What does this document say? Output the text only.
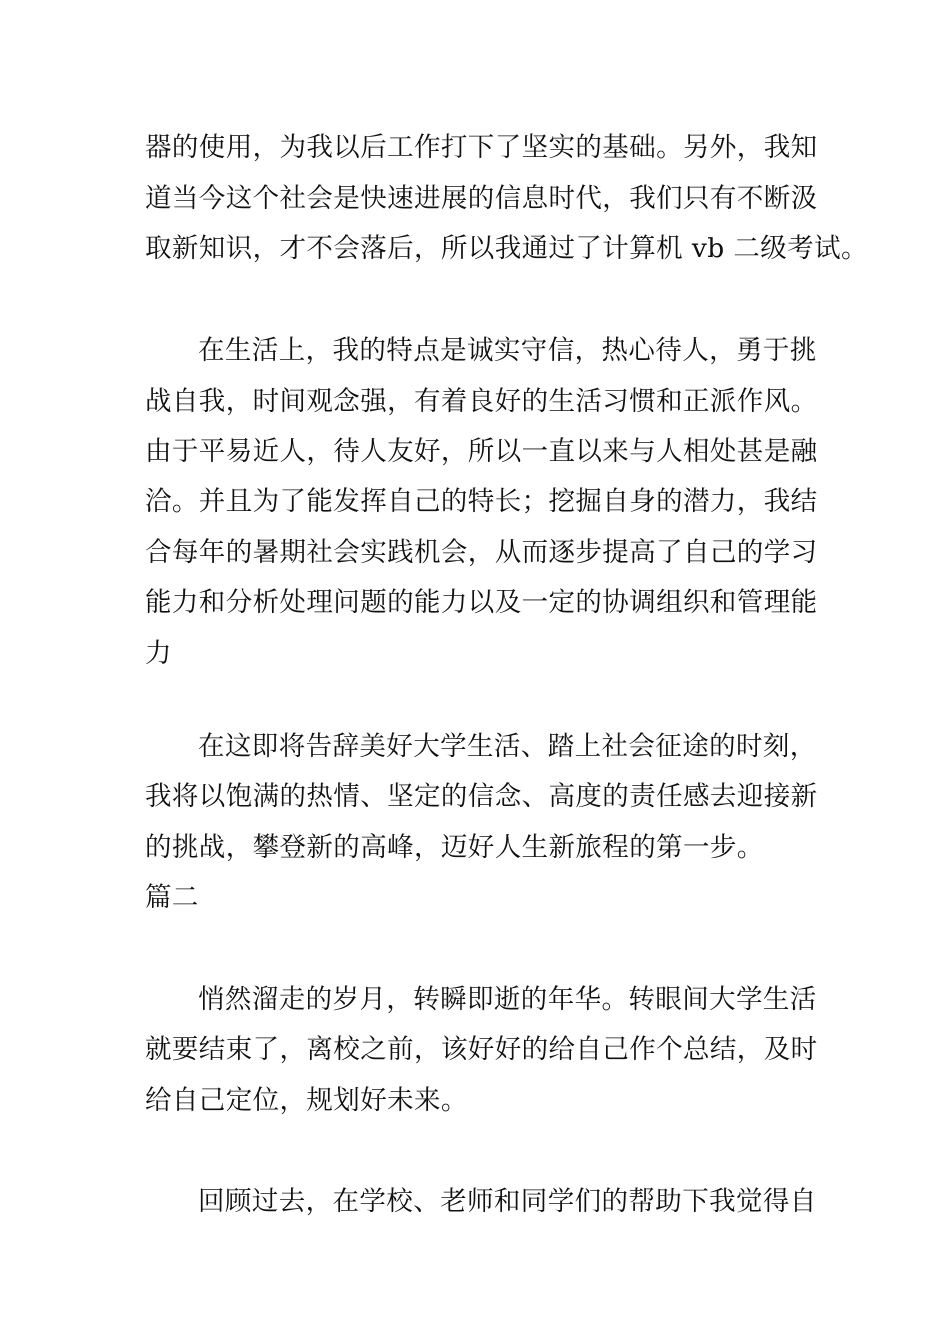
器的使用，为我以后工作打下了坚实的基础。另外，我知
道当今这个社会是快速进展的信息时代，我们只有不断汲
取新知识，才不会落后，所以我通过了计算机 vb 二级考试。
在生活上，我的特点是诚实守信，热心待人，勇于挑
战自我，时间观念强，有着良好的生活习惯和正派作风。
由于平易近人，待人友好，所以一直以来与人相处甚是融
洽。并且为了能发挥自己的特长；挖掘自身的潜力，我结
合每年的暑期社会实践机会，从而逐步提高了自己的学习
能力和分析处理问题的能力以及一定的协调组织和管理能
力
在这即将告辞美好大学生活、踏上社会征途的时刻，
我将以饱满的热情、坚定的信念、高度的责任感去迎接新
的挑战，攀登新的高峰，迈好人生新旅程的第一步。
篇二
悄然溜走的岁月，转瞬即逝的年华。转眼间大学生活
就要结束了，离校之前，该好好的给自己作个总结，及时
给自己定位，规划好未来。
回顾过去，在学校、老师和同学们的帮助下我觉得自
